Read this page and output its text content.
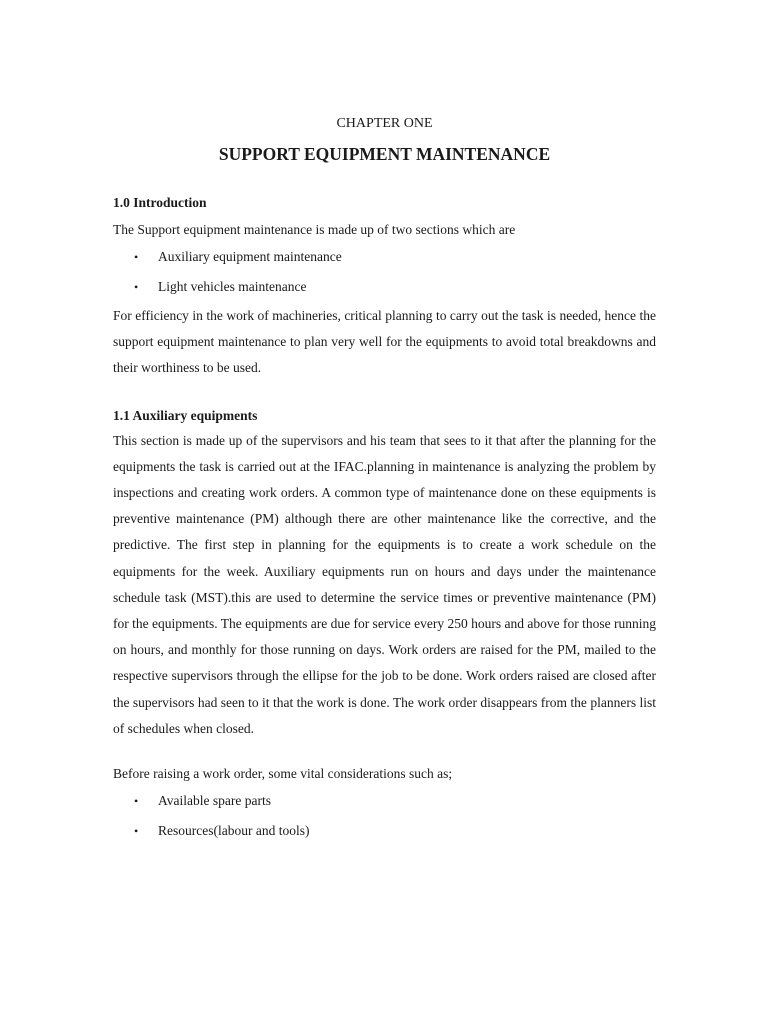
CHAPTER ONE

SUPPORT EQUIPMENT MAINTENANCE

1.0 Introduction

The Support equipment maintenance is made up of two sections which are

• Auxiliary equipment maintenance
• Light vehicles maintenance

For efficiency in the work of machineries, critical planning to carry out the task is needed, hence the support equipment maintenance to plan very well for the equipments to avoid total breakdowns and their worthiness to be used.

1.1 Auxiliary equipments

This section is made up of the supervisors and his team that sees to it that after the planning for the equipments the task is carried out at the IFAC.planning in maintenance is analyzing the problem by inspections and creating work orders. A common type of maintenance done on these equipments is preventive maintenance (PM) although there are other maintenance like the corrective, and the predictive. The first step in planning for the equipments is to create a work schedule on the equipments for the week. Auxiliary equipments run on hours and days under the maintenance schedule task (MST).this are used to determine the service times or preventive maintenance (PM) for the equipments. The equipments are due for service every 250 hours and above for those running on hours, and monthly for those running on days. Work orders are raised for the PM, mailed to the respective supervisors through the ellipse for the job to be done. Work orders raised are closed after the supervisors had seen to it that the work is done. The work order disappears from the planners list of schedules when closed.

Before raising a work order, some vital considerations such as;

• Available spare parts
• Resources(labour and tools)
